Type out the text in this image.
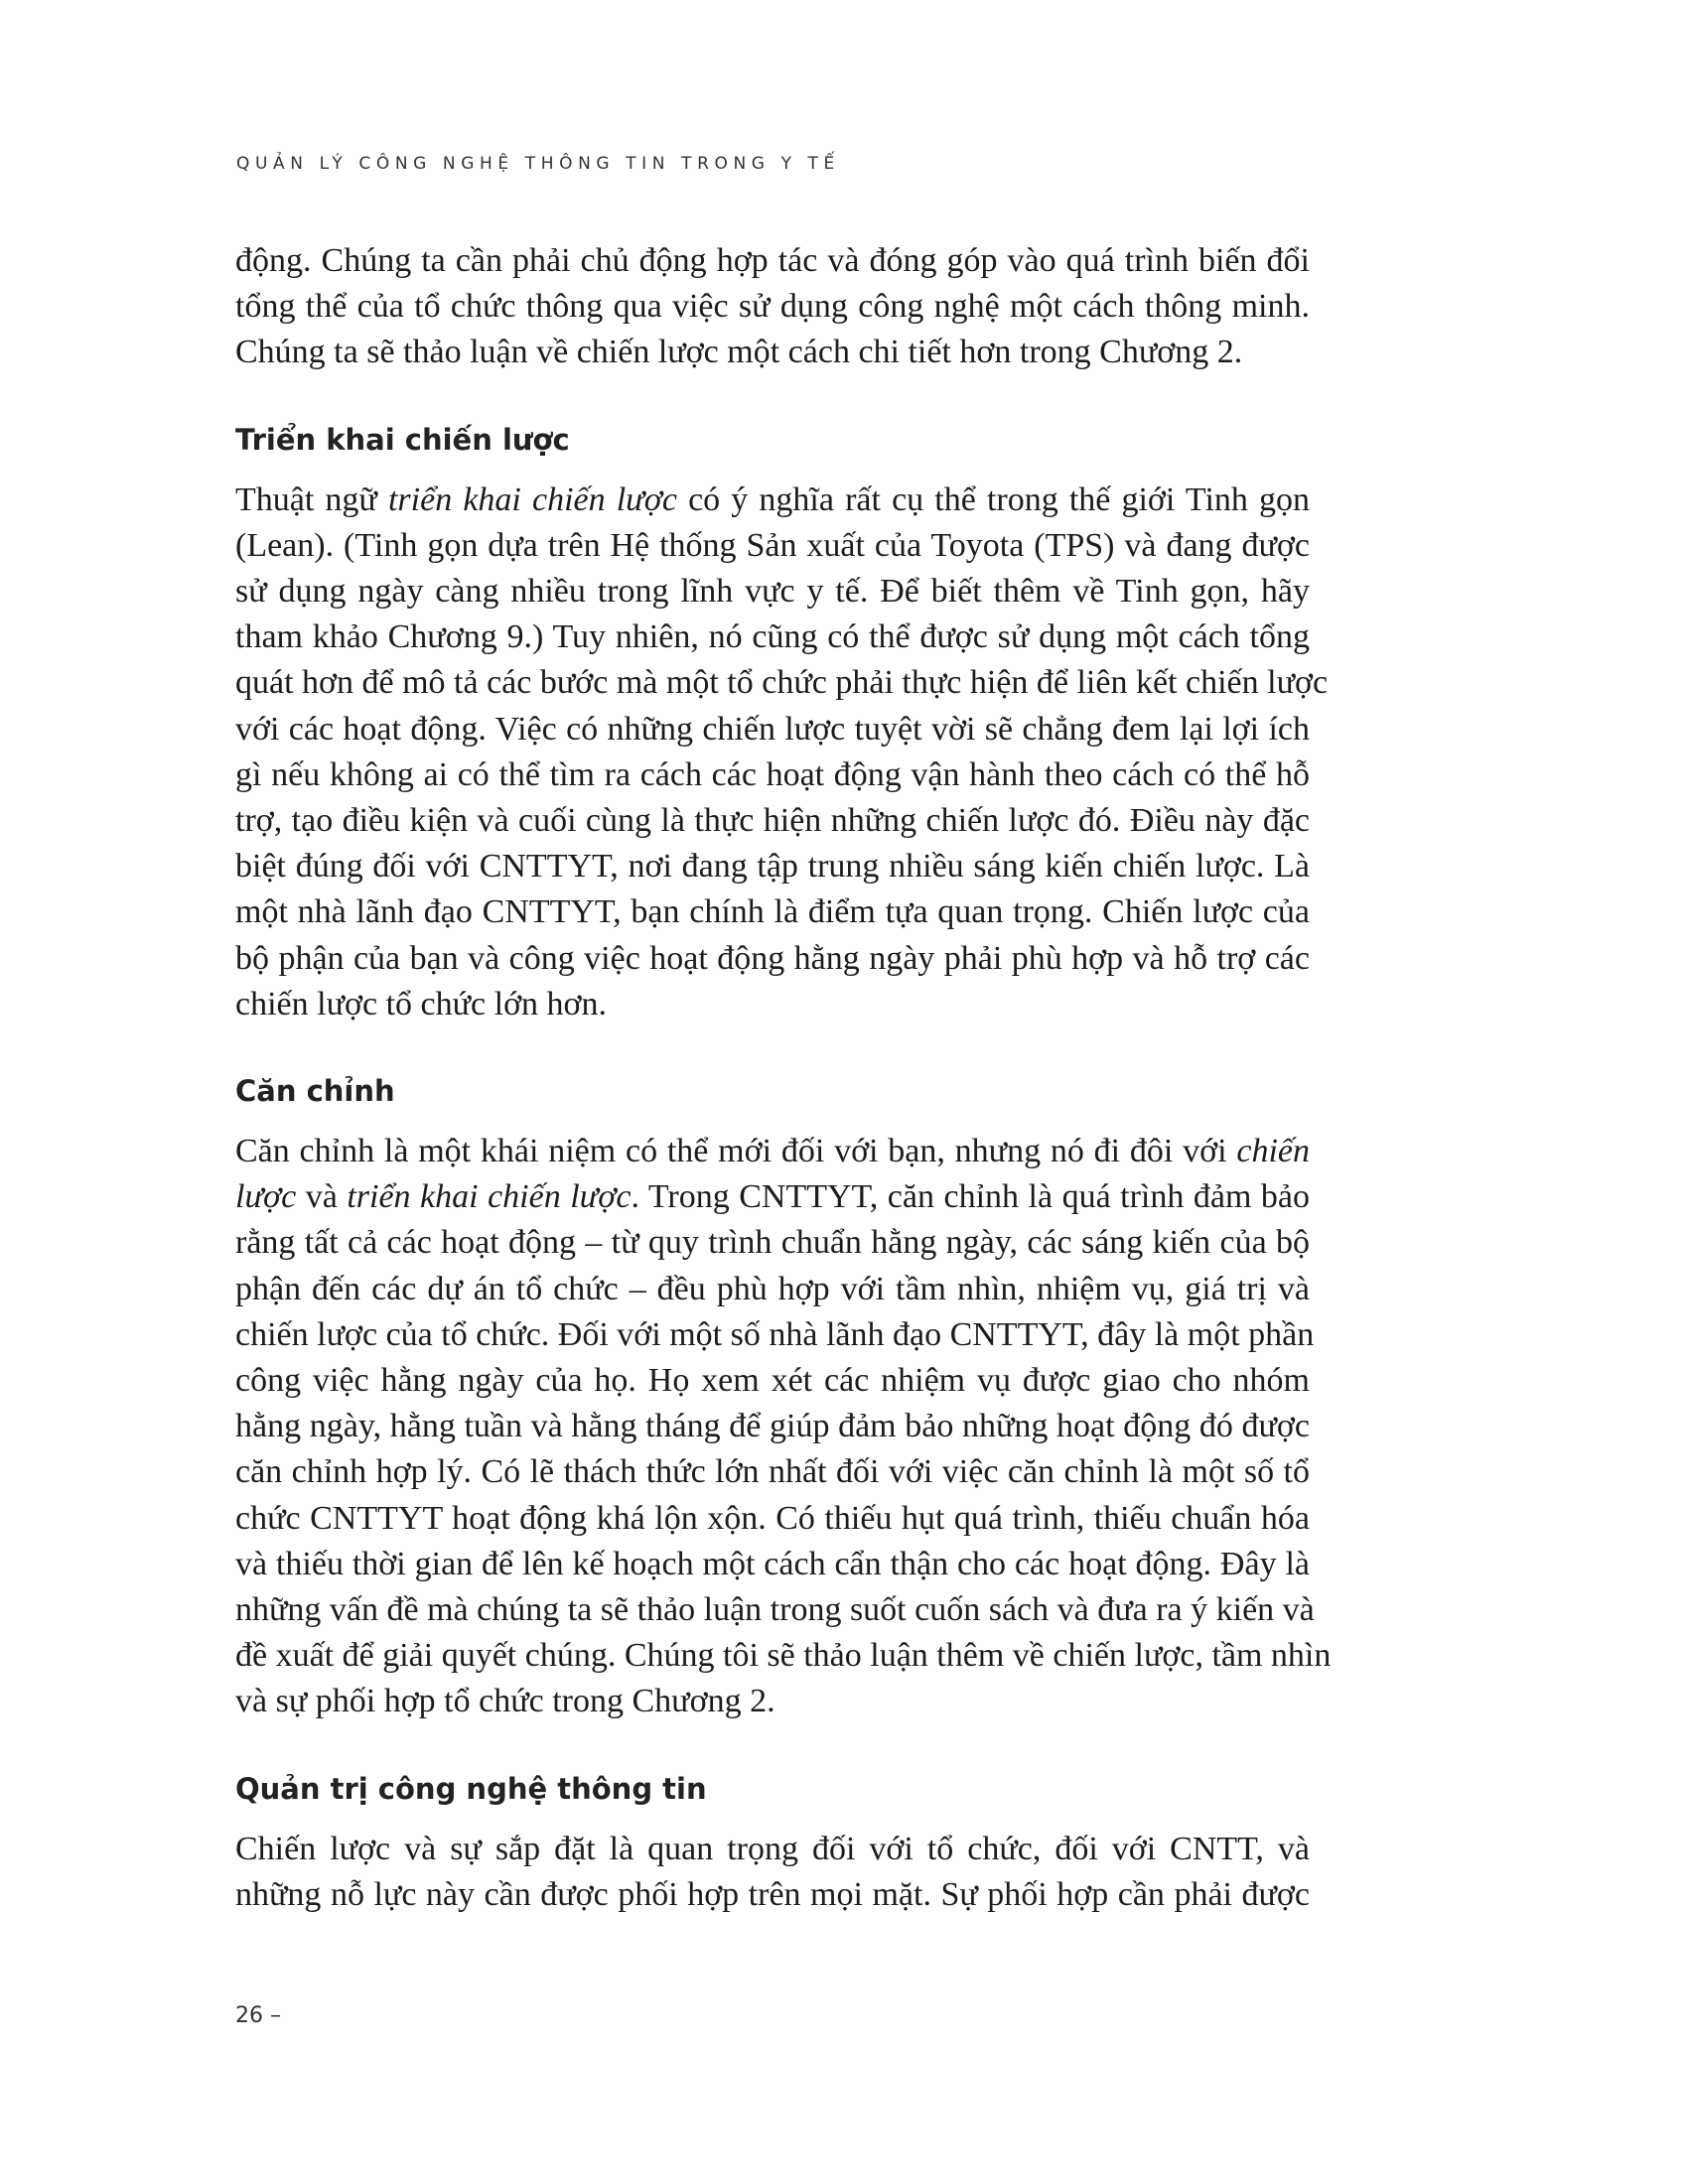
QUẢN LÝ CÔNG NGHỆ THÔNG TIN TRONG Y TẾ

động. Chúng ta cần phải chủ động hợp tác và đóng góp vào quá trình biến đổi
tổng thể của tổ chức thông qua việc sử dụng công nghệ một cách thông minh.
Chúng ta sẽ thảo luận về chiến lược một cách chi tiết hơn trong Chương 2.

Triển khai chiến lược

Thuật ngữ triển khai chiến lược có ý nghĩa rất cụ thể trong thế giới Tinh gọn
(Lean). (Tinh gọn dựa trên Hệ thống Sản xuất của Toyota (TPS) và đang được
sử dụng ngày càng nhiều trong lĩnh vực y tế. Để biết thêm về Tinh gọn, hãy
tham khảo Chương 9.) Tuy nhiên, nó cũng có thể được sử dụng một cách tổng
quát hơn để mô tả các bước mà một tổ chức phải thực hiện để liên kết chiến lược
với các hoạt động. Việc có những chiến lược tuyệt vời sẽ chẳng đem lại lợi ích
gì nếu không ai có thể tìm ra cách các hoạt động vận hành theo cách có thể hỗ
trợ, tạo điều kiện và cuối cùng là thực hiện những chiến lược đó. Điều này đặc
biệt đúng đối với CNTTYT, nơi đang tập trung nhiều sáng kiến chiến lược. Là
một nhà lãnh đạo CNTTYT, bạn chính là điểm tựa quan trọng. Chiến lược của
bộ phận của bạn và công việc hoạt động hằng ngày phải phù hợp và hỗ trợ các
chiến lược tổ chức lớn hơn.

Căn chỉnh

Căn chỉnh là một khái niệm có thể mới đối với bạn, nhưng nó đi đôi với chiến
lược và triển khai chiến lược. Trong CNTTYT, căn chỉnh là quá trình đảm bảo
rằng tất cả các hoạt động – từ quy trình chuẩn hằng ngày, các sáng kiến của bộ
phận đến các dự án tổ chức – đều phù hợp với tầm nhìn, nhiệm vụ, giá trị và
chiến lược của tổ chức. Đối với một số nhà lãnh đạo CNTTYT, đây là một phần
công việc hằng ngày của họ. Họ xem xét các nhiệm vụ được giao cho nhóm
hằng ngày, hằng tuần và hằng tháng để giúp đảm bảo những hoạt động đó được
căn chỉnh hợp lý. Có lẽ thách thức lớn nhất đối với việc căn chỉnh là một số tổ
chức CNTTYT hoạt động khá lộn xộn. Có thiếu hụt quá trình, thiếu chuẩn hóa
và thiếu thời gian để lên kế hoạch một cách cẩn thận cho các hoạt động. Đây là
những vấn đề mà chúng ta sẽ thảo luận trong suốt cuốn sách và đưa ra ý kiến và
đề xuất để giải quyết chúng. Chúng tôi sẽ thảo luận thêm về chiến lược, tầm nhìn
và sự phối hợp tổ chức trong Chương 2.

Quản trị công nghệ thông tin

Chiến lược và sự sắp đặt là quan trọng đối với tổ chức, đối với CNTT, và
những nỗ lực này cần được phối hợp trên mọi mặt. Sự phối hợp cần phải được

26 –
